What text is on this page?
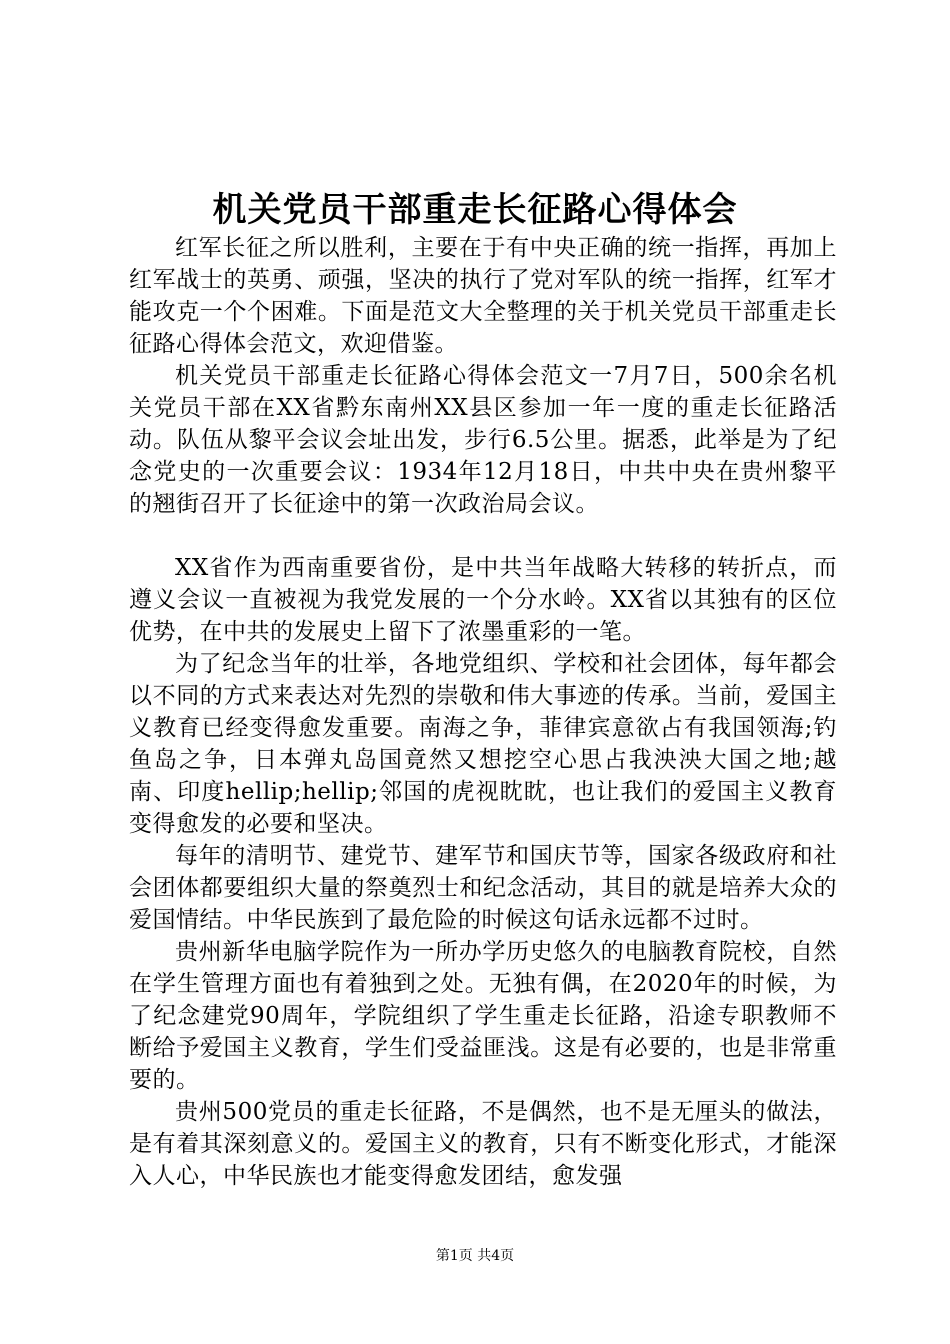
机关党员干部重走长征路心得体会

红军长征之所以胜利，主要在于有中央正确的统一指挥，再加上红军战士的英勇、顽强，坚决的执行了党对军队的统一指挥，红军才能攻克一个个困难。下面是范文大全整理的关于机关党员干部重走长征路心得体会范文，欢迎借鉴。

机关党员干部重走长征路心得体会范文一7月7日，500余名机关党员干部在XX省黔东南州XX县区参加一年一度的重走长征路活动。队伍从黎平会议会址出发，步行6.5公里。据悉，此举是为了纪念党史的一次重要会议：1934年12月18日，中共中央在贵州黎平的翘街召开了长征途中的第一次政治局会议。

XX省作为西南重要省份，是中共当年战略大转移的转折点，而遵义会议一直被视为我党发展的一个分水岭。XX省以其独有的区位优势，在中共的发展史上留下了浓墨重彩的一笔。

为了纪念当年的壮举，各地党组织、学校和社会团体，每年都会以不同的方式来表达对先烈的崇敬和伟大事迹的传承。当前，爱国主义教育已经变得愈发重要。南海之争，菲律宾意欲占有我国领海;钓鱼岛之争，日本弹丸岛国竟然又想挖空心思占我泱泱大国之地;越南、印度hellip;hellip;邻国的虎视眈眈，也让我们的爱国主义教育变得愈发的必要和坚决。

每年的清明节、建党节、建军节和国庆节等，国家各级政府和社会团体都要组织大量的祭奠烈士和纪念活动，其目的就是培养大众的爱国情结。中华民族到了最危险的时候这句话永远都不过时。

贵州新华电脑学院作为一所办学历史悠久的电脑教育院校，自然在学生管理方面也有着独到之处。无独有偶，在2020年的时候，为了纪念建党90周年，学院组织了学生重走长征路，沿途专职教师不断给予爱国主义教育，学生们受益匪浅。这是有必要的，也是非常重要的。

贵州500党员的重走长征路，不是偶然，也不是无厘头的做法，是有着其深刻意义的。爱国主义的教育，只有不断变化形式，才能深入人心，中华民族也才能变得愈发团结，愈发强

第1页 共4页
